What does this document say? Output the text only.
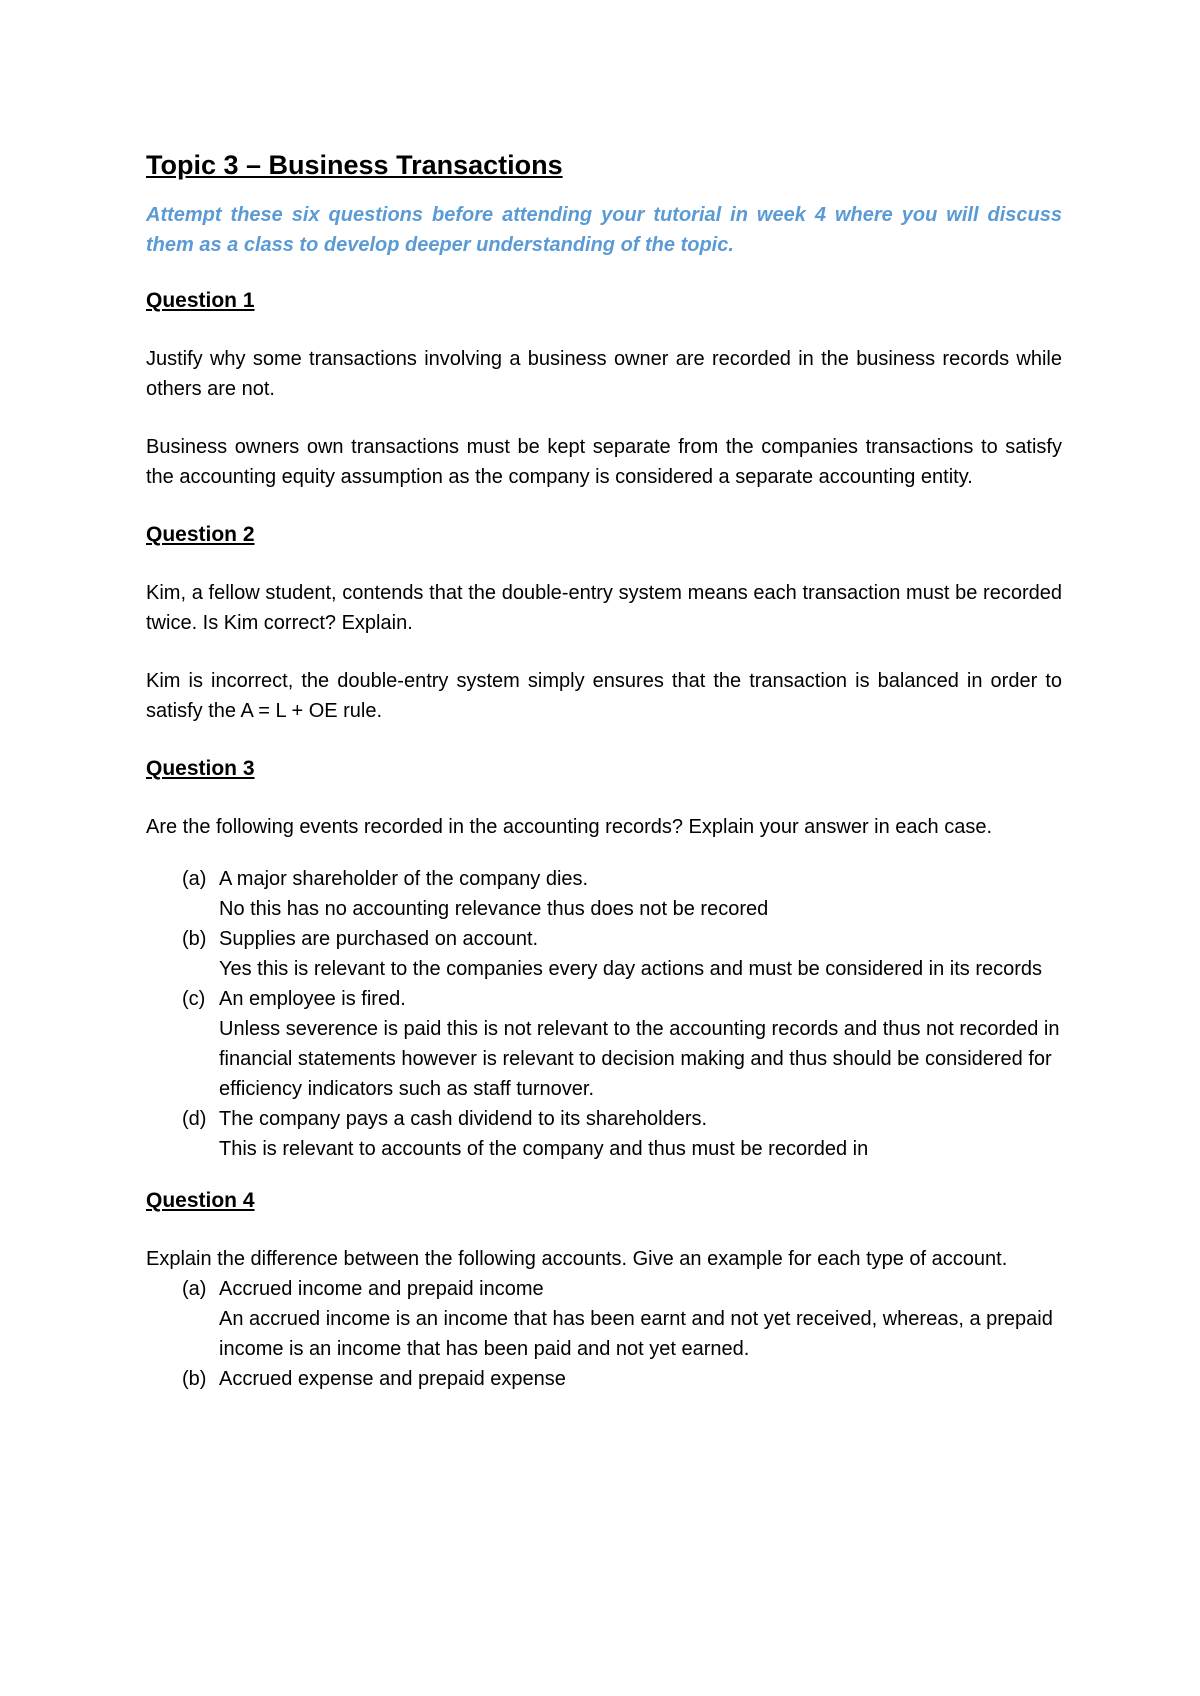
Topic 3 – Business Transactions

Attempt these six questions before attending your tutorial in week 4 where you will discuss them as a class to develop deeper understanding of the topic.

Question 1

Justify why some transactions involving a business owner are recorded in the business records while others are not.

Business owners own transactions must be kept separate from the companies transactions to satisfy the accounting equity assumption as the company is considered a separate accounting entity.

Question 2

Kim, a fellow student, contends that the double-entry system means each transaction must be recorded twice. Is Kim correct? Explain.

Kim is incorrect, the double-entry system simply ensures that the transaction is balanced in order to satisfy the A = L + OE rule.

Question 3

Are the following events recorded in the accounting records? Explain your answer in each case.

(a) A major shareholder of the company dies.
No this has no accounting relevance thus does not be recored
(b) Supplies are purchased on account.
Yes this is relevant to the companies every day actions and must be considered in its records
(c) An employee is fired.
Unless severence is paid this is not relevant to the accounting records and thus not recorded in financial statements however is relevant to decision making and thus should be considered for efficiency indicators such as staff turnover.
(d) The company pays a cash dividend to its shareholders.
This is relevant to accounts of the company and thus must be recorded in
Question 4

Explain the difference between the following accounts. Give an example for each type of account.

(a) Accrued income and prepaid income
An accrued income is an income that has been earnt and not yet received, whereas, a prepaid income is an income that has been paid and not yet earned.
(b) Accrued expense and prepaid expense
